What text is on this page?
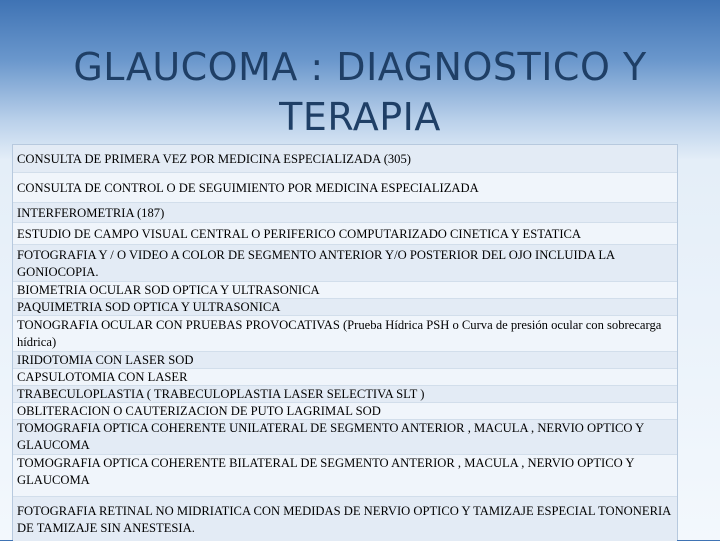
GLAUCOMA : DIAGNOSTICO Y
TERAPIA
CONSULTA DE PRIMERA VEZ POR MEDICINA ESPECIALIZADA (305)
CONSULTA DE CONTROL O DE SEGUIMIENTO POR MEDICINA ESPECIALIZADA
INTERFEROMETRIA (187)
ESTUDIO DE CAMPO VISUAL CENTRAL O PERIFERICO COMPUTARIZADO CINETICA Y ESTATICA
FOTOGRAFIA Y / O VIDEO A COLOR DE SEGMENTO ANTERIOR Y/O POSTERIOR DEL OJO INCLUIDA LA GONIOCOPIA.
BIOMETRIA OCULAR SOD OPTICA Y ULTRASONICA
PAQUIMETRIA SOD OPTICA Y ULTRASONICA
TONOGRAFIA OCULAR CON PRUEBAS PROVOCATIVAS (Prueba Hídrica PSH o Curva de presión ocular con sobrecarga hídrica)
IRIDOTOMIA CON LASER SOD
CAPSULOTOMIA CON LASER
TRABECULOPLASTIA ( TRABECULOPLASTIA LASER SELECTIVA SLT )
OBLITERACION O CAUTERIZACION DE PUTO LAGRIMAL SOD
TOMOGRAFIA OPTICA COHERENTE UNILATERAL DE SEGMENTO ANTERIOR , MACULA , NERVIO OPTICO Y GLAUCOMA
TOMOGRAFIA OPTICA COHERENTE BILATERAL DE SEGMENTO ANTERIOR , MACULA , NERVIO OPTICO Y GLAUCOMA
FOTOGRAFIA RETINAL NO MIDRIATICA CON MEDIDAS DE NERVIO OPTICO Y TAMIZAJE ESPECIAL TONONERIA DE TAMIZAJE SIN ANESTESIA.
